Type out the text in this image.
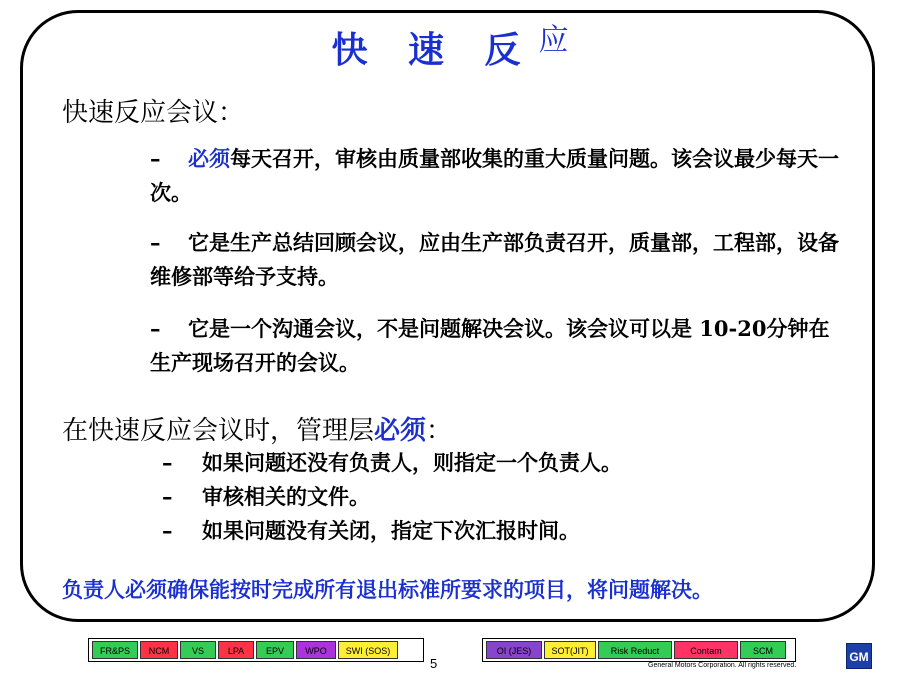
快 速 反 应
快速反应会议：
– 必须每天召开，审核由质量部收集的重大质量问题。该会议最少每天一次。
– 它是生产总结回顾会议，应由生产部负责召开，质量部，工程部，设备维修部等给予支持。
– 它是一个沟通会议，不是问题解决会议。该会议可以是 10-20分钟在生产现场召开的会议。
在快速反应会议时，管理层必须：
– 如果问题还没有负责人，则指定一个负责人。
– 审核相关的文件。
– 如果问题没有关闭，指定下次汇报时间。
负责人必须确保能按时完成所有退出标准所要求的项目，将问题解决。
FR&PS	NCM	VS	LPA	EPV	WPO	SWI (SOS)
5
OI (JES)	SOT(JIT)	Risk Reduct	Contam	SCM
General Motors Corporation. All rights reserved.
GM
